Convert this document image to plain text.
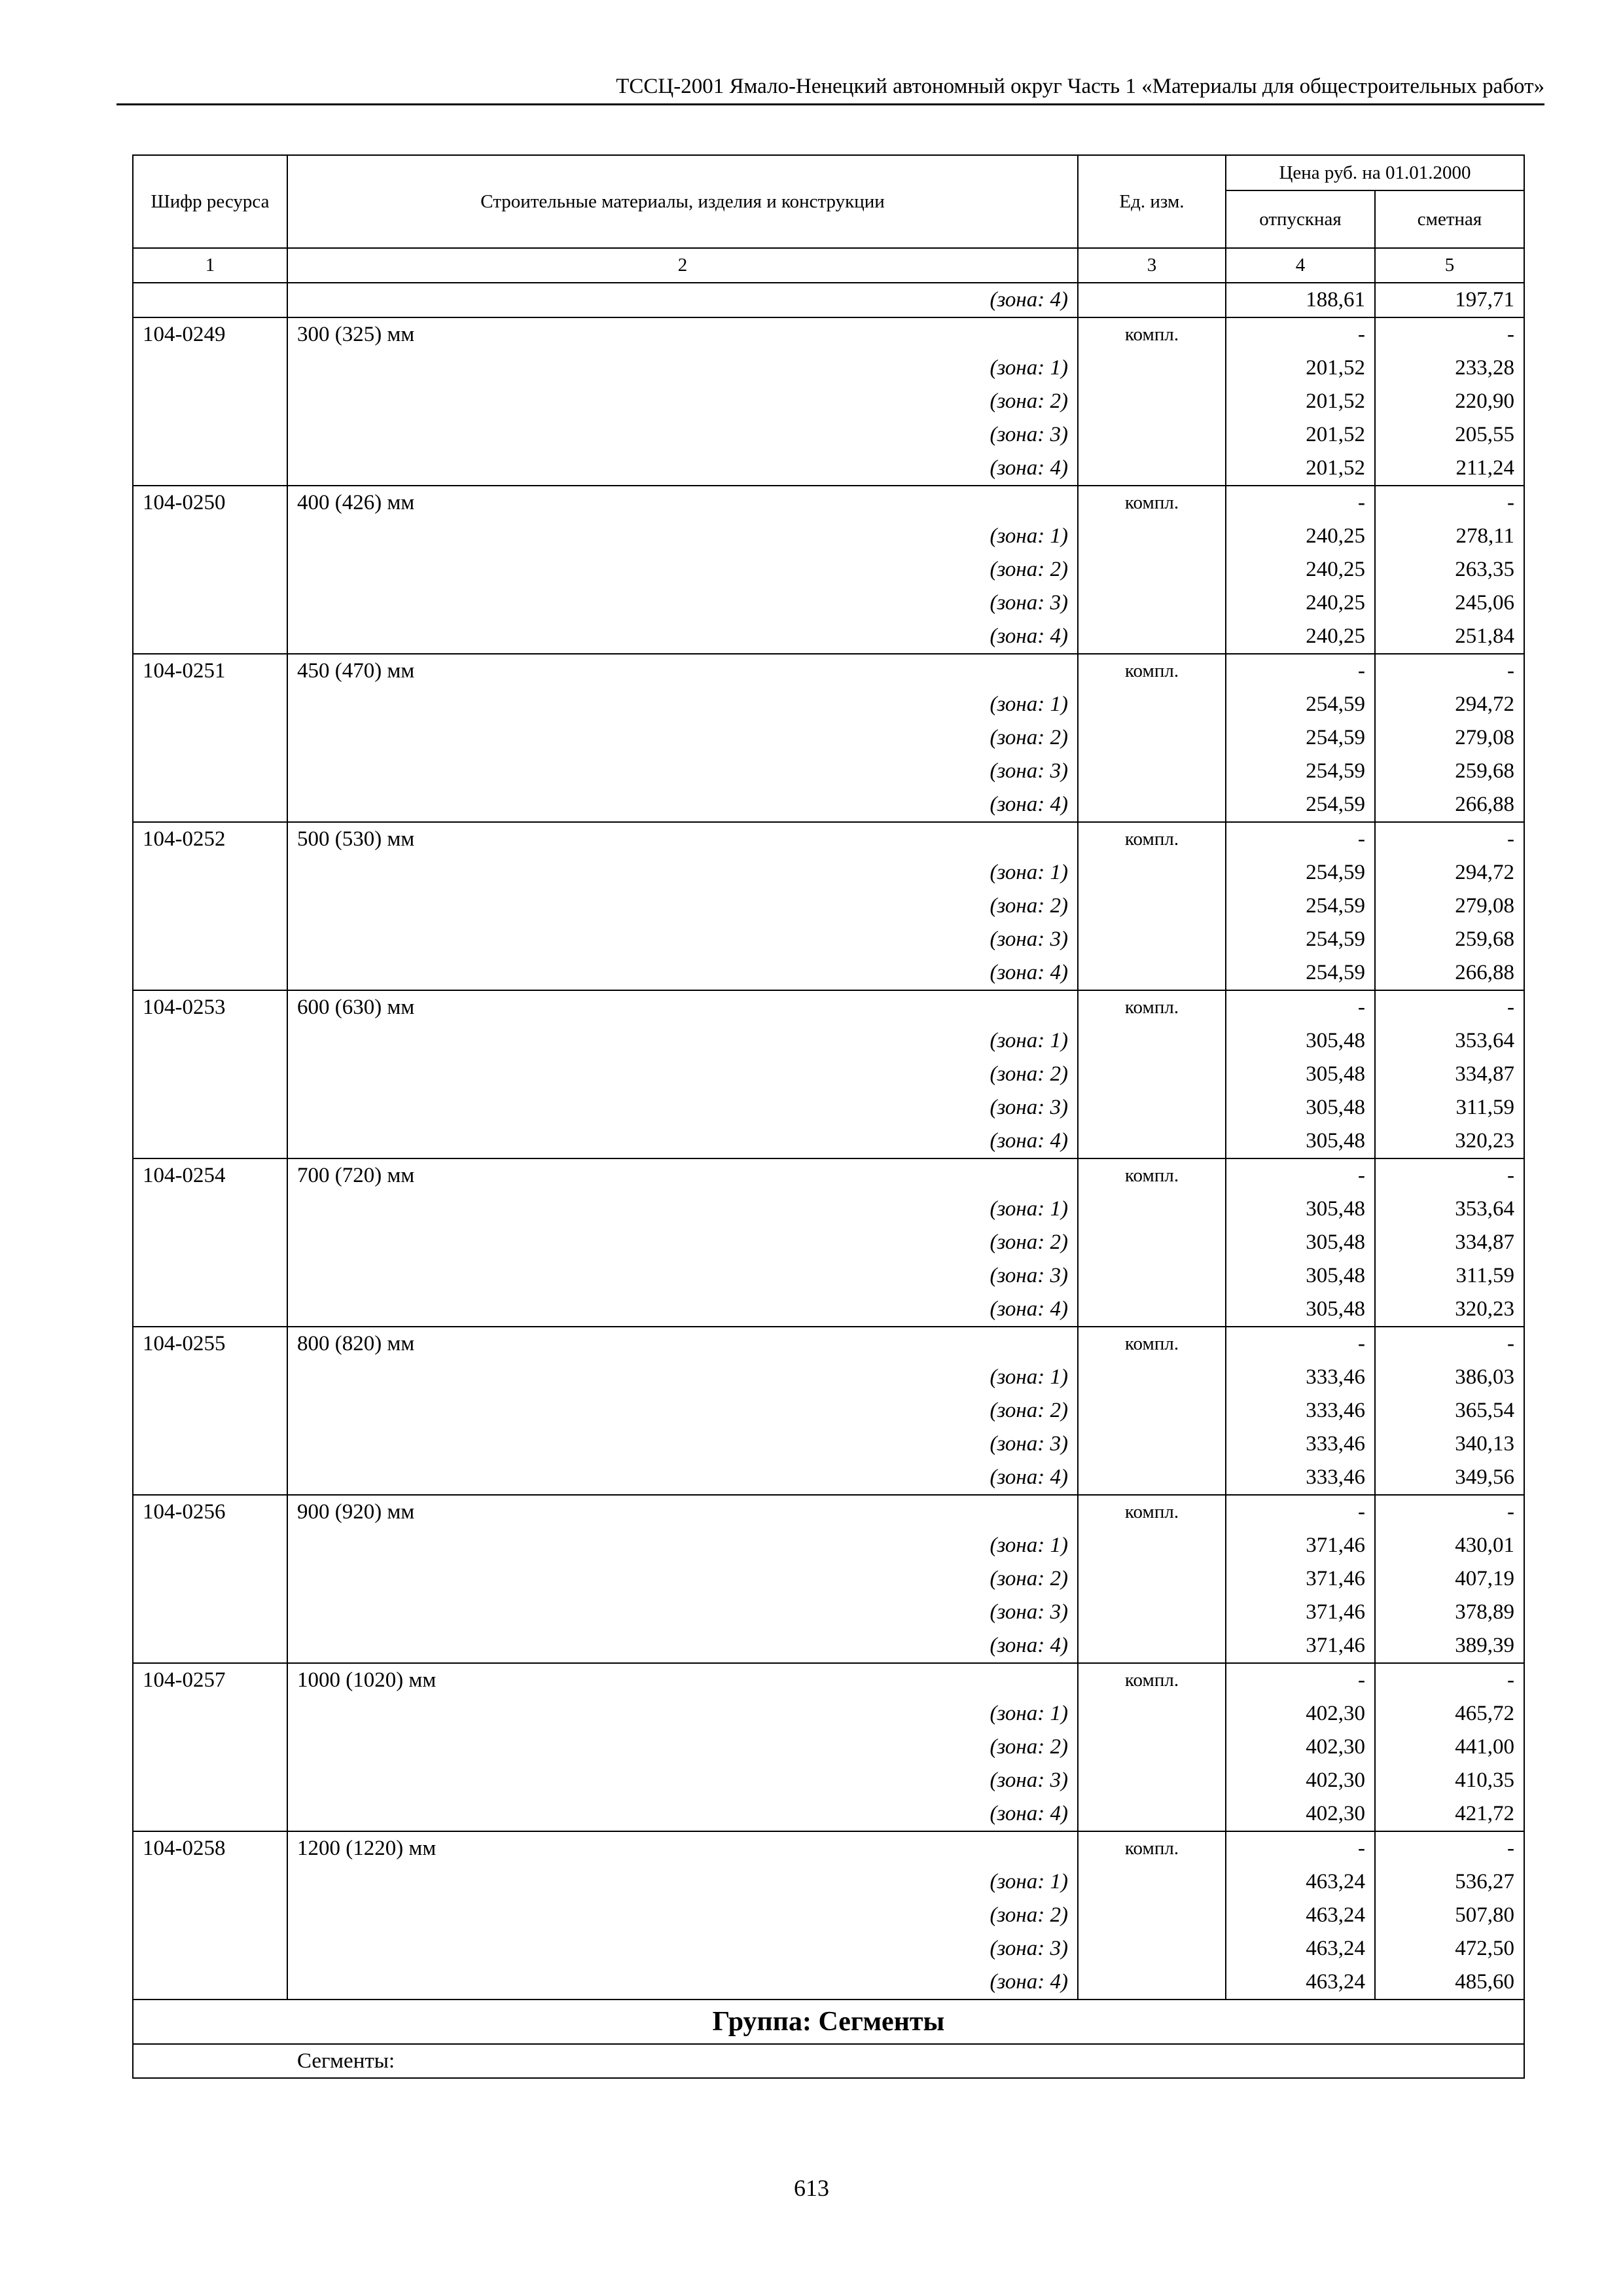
ТССЦ-2001 Ямало-Ненецкий автономный округ Часть 1 «Материалы для общестроительных работ»
Шифр ресурса	Строительные материалы, изделия и конструкции	Ед. изм.	Цена руб. на 01.01.2000	
			отпускная	сметная
1	2	3	4	5
	(зона: 4)		188,61	197,71
104-0249	300 (325) мм	компл.	-	-
	(зона: 1)		201,52	233,28
	(зона: 2)		201,52	220,90
	(зона: 3)		201,52	205,55
	(зона: 4)		201,52	211,24
104-0250	400 (426) мм	компл.	-	-
	(зона: 1)		240,25	278,11
	(зона: 2)		240,25	263,35
	(зона: 3)		240,25	245,06
	(зона: 4)		240,25	251,84
104-0251	450 (470) мм	компл.	-	-
	(зона: 1)		254,59	294,72
	(зона: 2)		254,59	279,08
	(зона: 3)		254,59	259,68
	(зона: 4)		254,59	266,88
104-0252	500 (530) мм	компл.	-	-
	(зона: 1)		254,59	294,72
	(зона: 2)		254,59	279,08
	(зона: 3)		254,59	259,68
	(зона: 4)		254,59	266,88
104-0253	600 (630) мм	компл.	-	-
	(зона: 1)		305,48	353,64
	(зона: 2)		305,48	334,87
	(зона: 3)		305,48	311,59
	(зона: 4)		305,48	320,23
104-0254	700 (720) мм	компл.	-	-
	(зона: 1)		305,48	353,64
	(зона: 2)		305,48	334,87
	(зона: 3)		305,48	311,59
	(зона: 4)		305,48	320,23
104-0255	800 (820) мм	компл.	-	-
	(зона: 1)		333,46	386,03
	(зона: 2)		333,46	365,54
	(зона: 3)		333,46	340,13
	(зона: 4)		333,46	349,56
104-0256	900 (920) мм	компл.	-	-
	(зона: 1)		371,46	430,01
	(зона: 2)		371,46	407,19
	(зона: 3)		371,46	378,89
	(зона: 4)		371,46	389,39
104-0257	1000 (1020) мм	компл.	-	-
	(зона: 1)		402,30	465,72
	(зона: 2)		402,30	441,00
	(зона: 3)		402,30	410,35
	(зона: 4)		402,30	421,72
104-0258	1200 (1220) мм	компл.	-	-
	(зона: 1)		463,24	536,27
	(зона: 2)		463,24	507,80
	(зона: 3)		463,24	472,50
	(зона: 4)		463,24	485,60
Группа: Сегменты				
Сегменты:				
613
